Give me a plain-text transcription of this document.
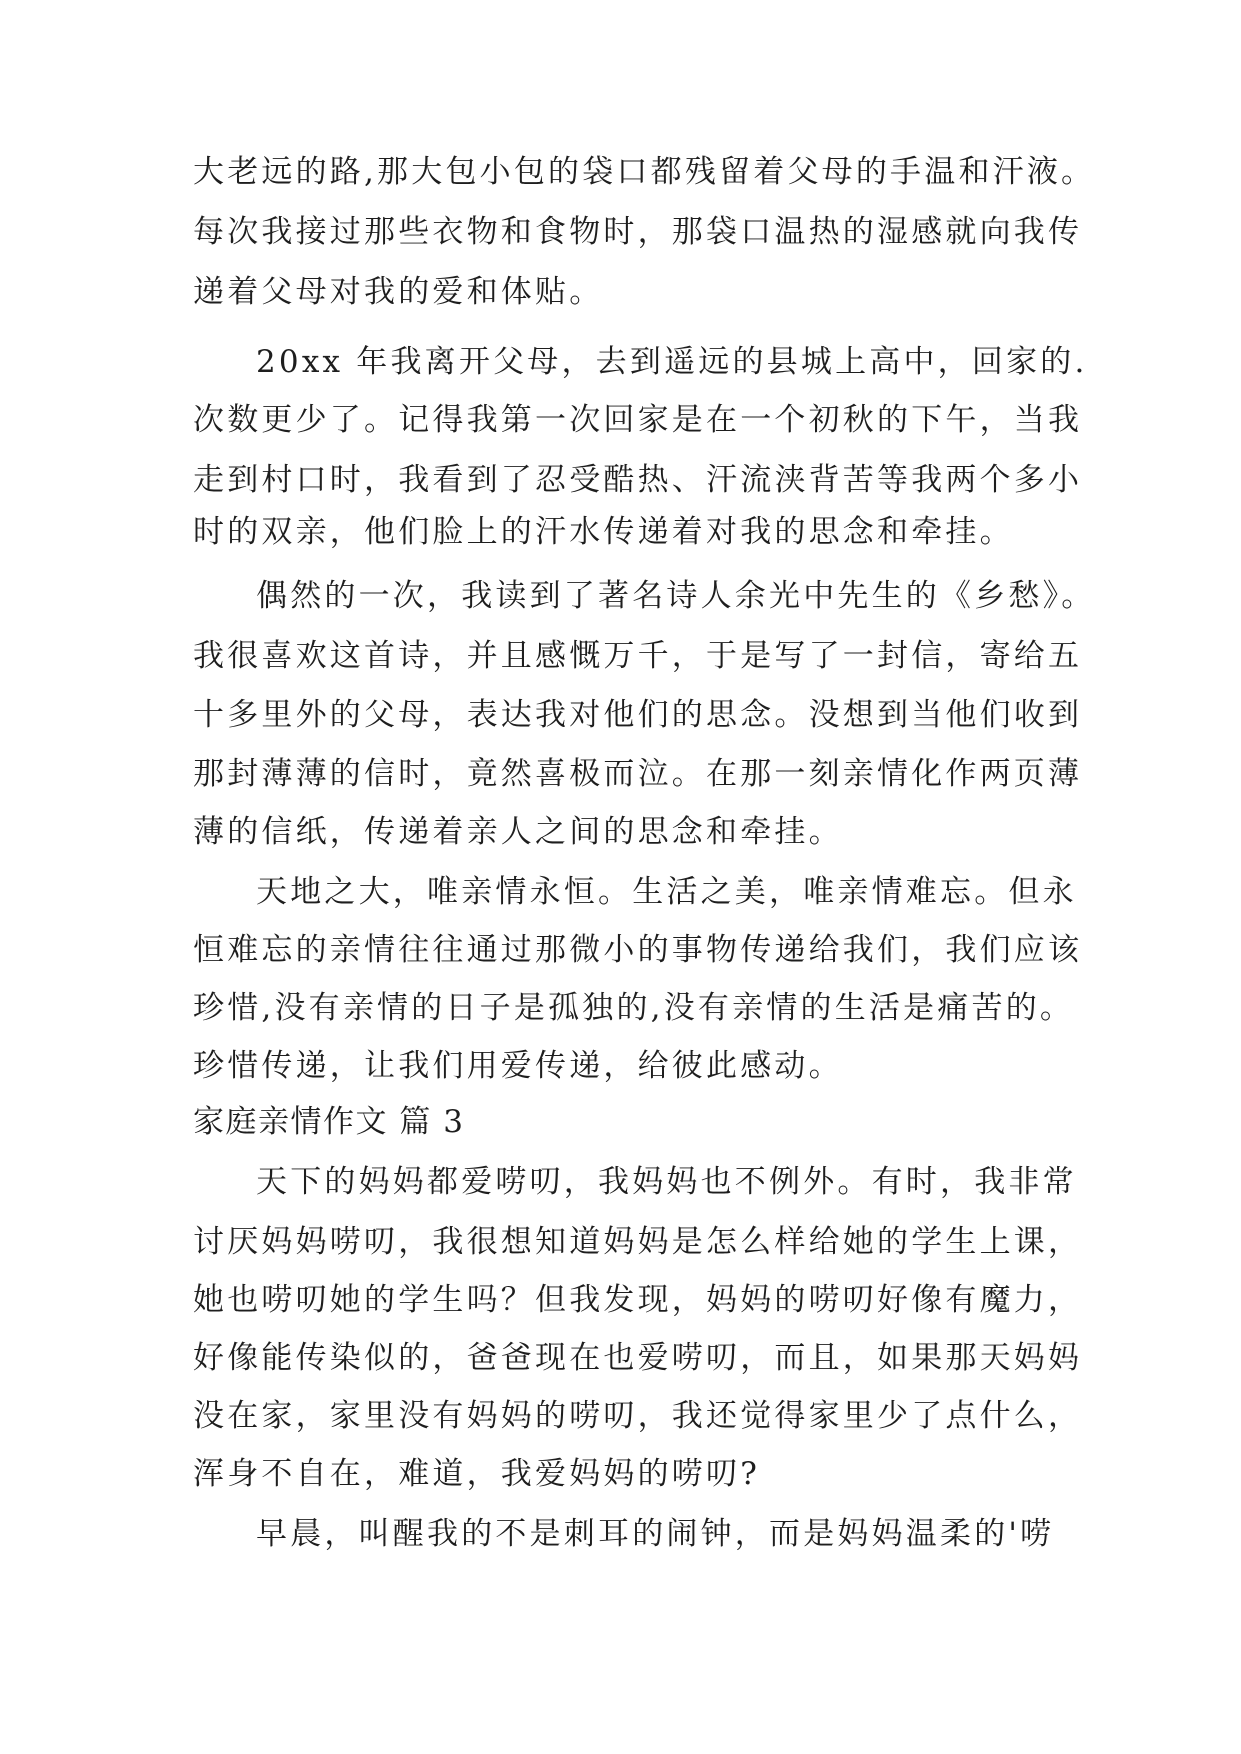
大老远的路,那大包小包的袋口都残留着父母的手温和汗液。
每次我接过那些衣物和食物时，那袋口温热的湿感就向我传
递着父母对我的爱和体贴。
20xx 年我离开父母，去到遥远的县城上高中，回家的.
次数更少了。记得我第一次回家是在一个初秋的下午，当我
走到村口时，我看到了忍受酷热、汗流浃背苦等我两个多小
时的双亲，他们脸上的汗水传递着对我的思念和牵挂。
偶然的一次，我读到了著名诗人余光中先生的《乡愁》。
我很喜欢这首诗，并且感慨万千，于是写了一封信，寄给五
十多里外的父母，表达我对他们的思念。没想到当他们收到
那封薄薄的信时，竟然喜极而泣。在那一刻亲情化作两页薄
薄的信纸，传递着亲人之间的思念和牵挂。
天地之大，唯亲情永恒。生活之美，唯亲情难忘。但永
恒难忘的亲情往往通过那微小的事物传递给我们，我们应该
珍惜,没有亲情的日子是孤独的,没有亲情的生活是痛苦的。
珍惜传递，让我们用爱传递，给彼此感动。
家庭亲情作文 篇 3
天下的妈妈都爱唠叨，我妈妈也不例外。有时，我非常
讨厌妈妈唠叨，我很想知道妈妈是怎么样给她的学生上课，
她也唠叨她的学生吗？但我发现，妈妈的唠叨好像有魔力，
好像能传染似的，爸爸现在也爱唠叨，而且，如果那天妈妈
没在家，家里没有妈妈的唠叨，我还觉得家里少了点什么，
浑身不自在，难道，我爱妈妈的唠叨?
早晨，叫醒我的不是刺耳的闹钟，而是妈妈温柔的'唠
